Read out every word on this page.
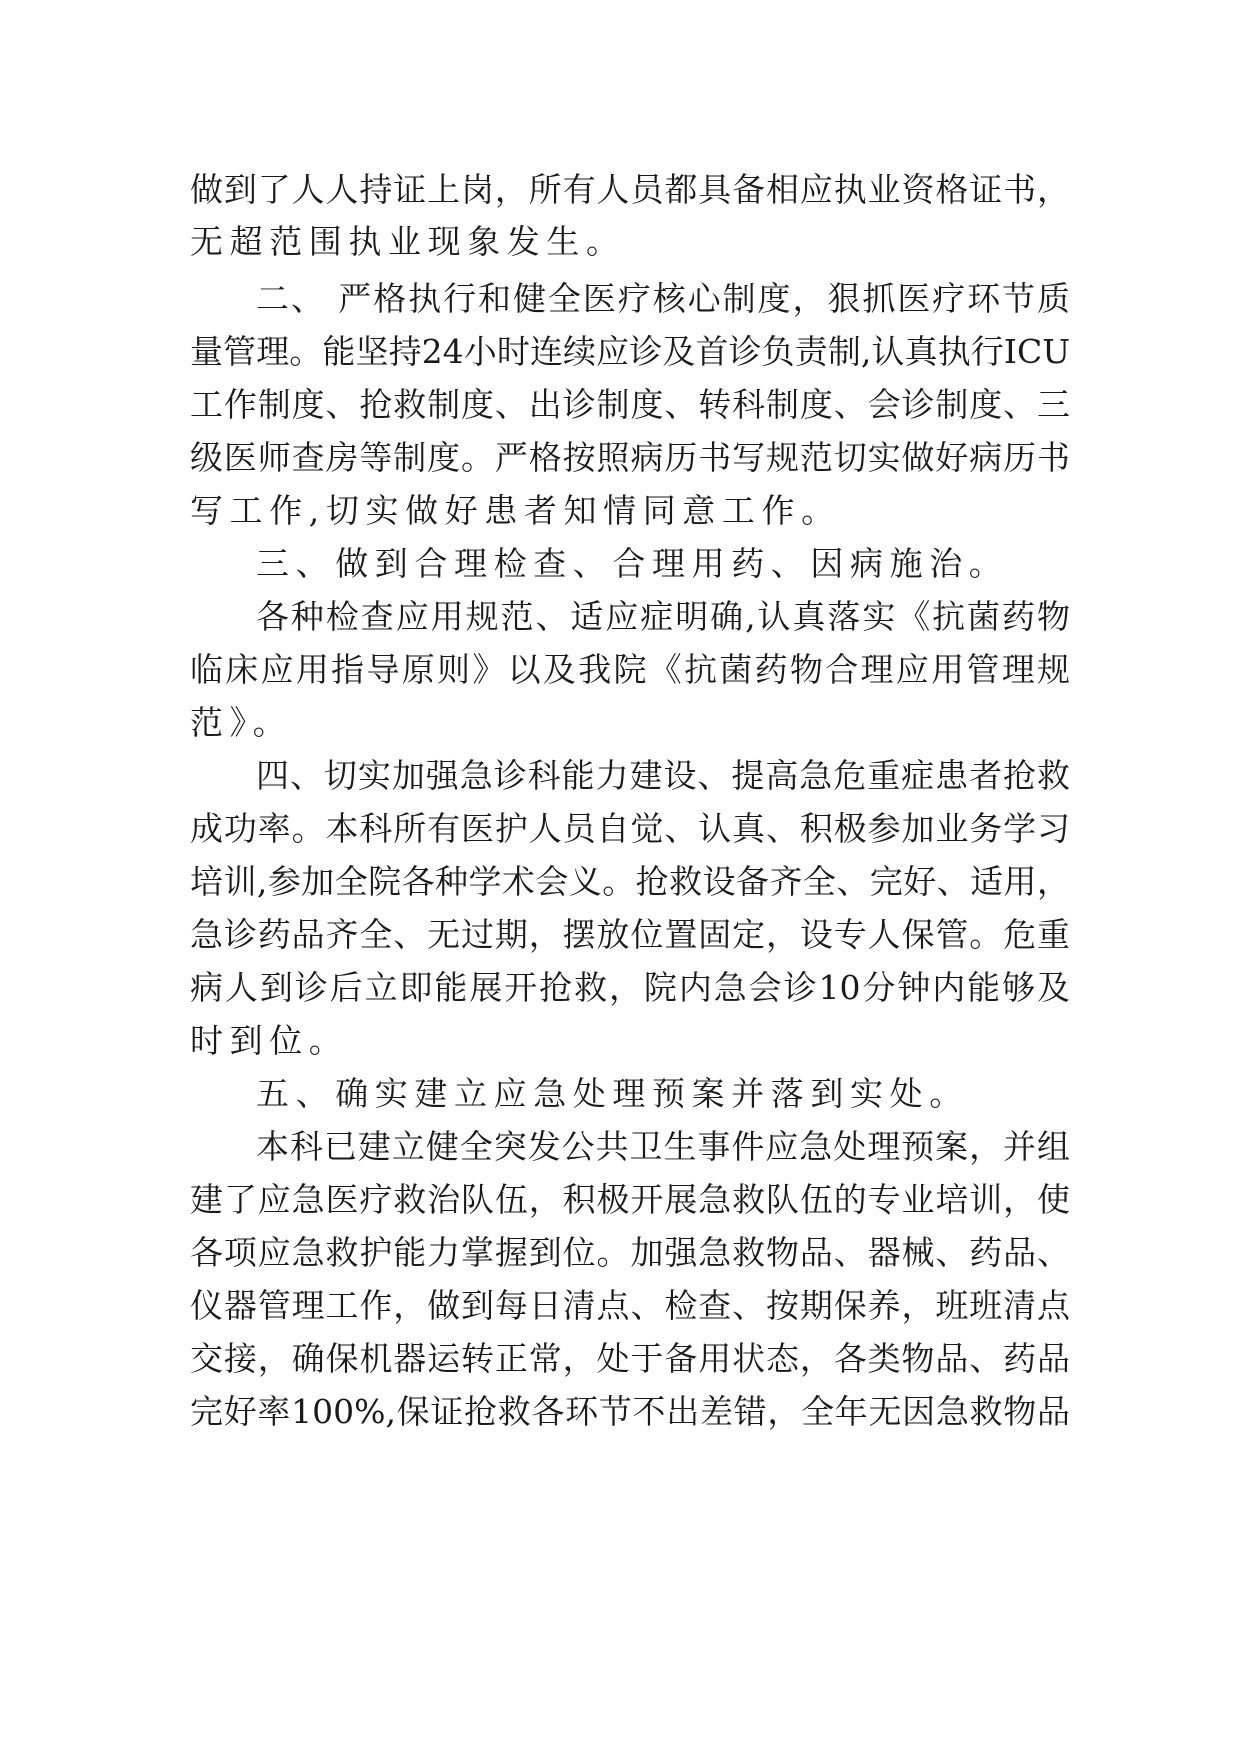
做到了人人持证上岗，所有人员都具备相应执业资格证书，
无超范围执业现象发生。
二、 严格执行和健全医疗核心制度，狠抓医疗环节质
量管理。能坚持24小时连续应诊及首诊负责制,认真执行ICU
工作制度、抢救制度、出诊制度、转科制度、会诊制度、三
级医师查房等制度。严格按照病历书写规范切实做好病历书
写工作,切实做好患者知情同意工作。
三、做到合理检查、合理用药、因病施治。
各种检查应用规范、适应症明确,认真落实《抗菌药物
临床应用指导原则》以及我院《抗菌药物合理应用管理规
范》。
四、切实加强急诊科能力建设、提高急危重症患者抢救
成功率。本科所有医护人员自觉、认真、积极参加业务学习
培训,参加全院各种学术会义。抢救设备齐全、完好、适用，
急诊药品齐全、无过期，摆放位置固定，设专人保管。危重
病人到诊后立即能展开抢救，院内急会诊10分钟内能够及
时到位。
五、确实建立应急处理预案并落到实处。
本科已建立健全突发公共卫生事件应急处理预案，并组
建了应急医疗救治队伍，积极开展急救队伍的专业培训，使
各项应急救护能力掌握到位。加强急救物品、器械、药品、
仪器管理工作，做到每日清点、检查、按期保养，班班清点
交接，确保机器运转正常，处于备用状态，各类物品、药品
完好率100%,保证抢救各环节不出差错，全年无因急救物品
